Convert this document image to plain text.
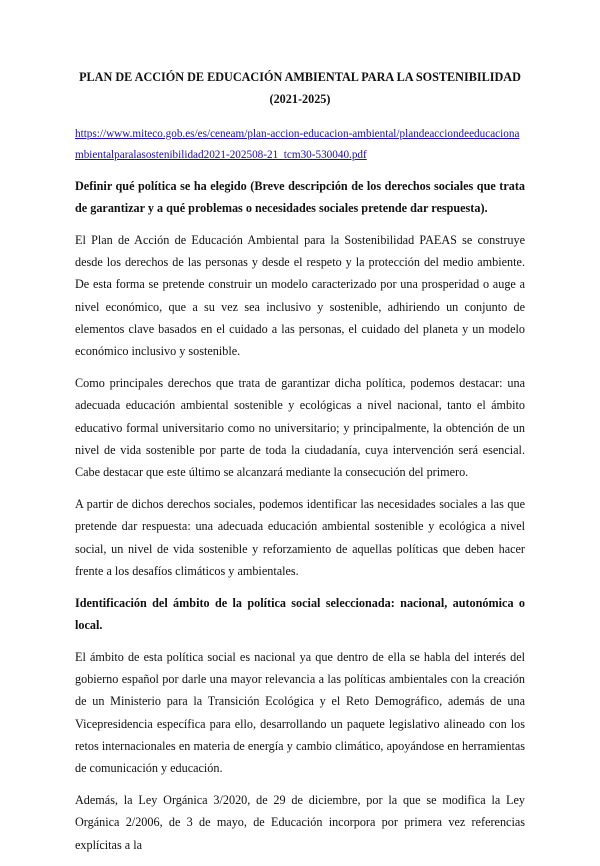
PLAN DE ACCIÓN DE EDUCACIÓN AMBIENTAL PARA LA SOSTENIBILIDAD
(2021-2025)
https://www.miteco.gob.es/es/ceneam/plan-accion-educacion-ambiental/plandeacciondeeducacionambientalparalasostenibilidad2021-202508-21_tcm30-530040.pdf

Definir qué política se ha elegido (Breve descripción de los derechos sociales que trata de garantizar y a qué problemas o necesidades sociales pretende dar respuesta).

El Plan de Acción de Educación Ambiental para la Sostenibilidad PAEAS se construye desde los derechos de las personas y desde el respeto y la protección del medio ambiente. De esta forma se pretende construir un modelo caracterizado por una prosperidad o auge a nivel económico, que a su vez sea inclusivo y sostenible, adhiriendo un conjunto de elementos clave basados en el cuidado a las personas, el cuidado del planeta y un modelo económico inclusivo y sostenible.

Como principales derechos que trata de garantizar dicha política, podemos destacar: una adecuada educación ambiental sostenible y ecológicas a nivel nacional, tanto el ámbito educativo formal universitario como no universitario; y principalmente, la obtención de un nivel de vida sostenible por parte de toda la ciudadanía, cuya intervención será esencial. Cabe destacar que este último se alcanzará mediante la consecución del primero.

A partir de dichos derechos sociales, podemos identificar las necesidades sociales a las que pretende dar respuesta: una adecuada educación ambiental sostenible y ecológica a nivel social, un nivel de vida sostenible y reforzamiento de aquellas políticas que deben hacer frente a los desafíos climáticos y ambientales.

Identificación del ámbito de la política social seleccionada: nacional, autonómica o local.

El ámbito de esta política social es nacional ya que dentro de ella se habla del interés del gobierno español por darle una mayor relevancia a las políticas ambientales con la creación de un Ministerio para la Transición Ecológica y el Reto Demográfico, además de una Vicepresidencia específica para ello, desarrollando un paquete legislativo alineado con los retos internacionales en materia de energía y cambio climático, apoyándose en herramientas de comunicación y educación.

Además, la Ley Orgánica 3/2020, de 29 de diciembre, por la que se modifica la Ley Orgánica 2/2006, de 3 de mayo, de Educación incorpora por primera vez referencias explícitas a la
